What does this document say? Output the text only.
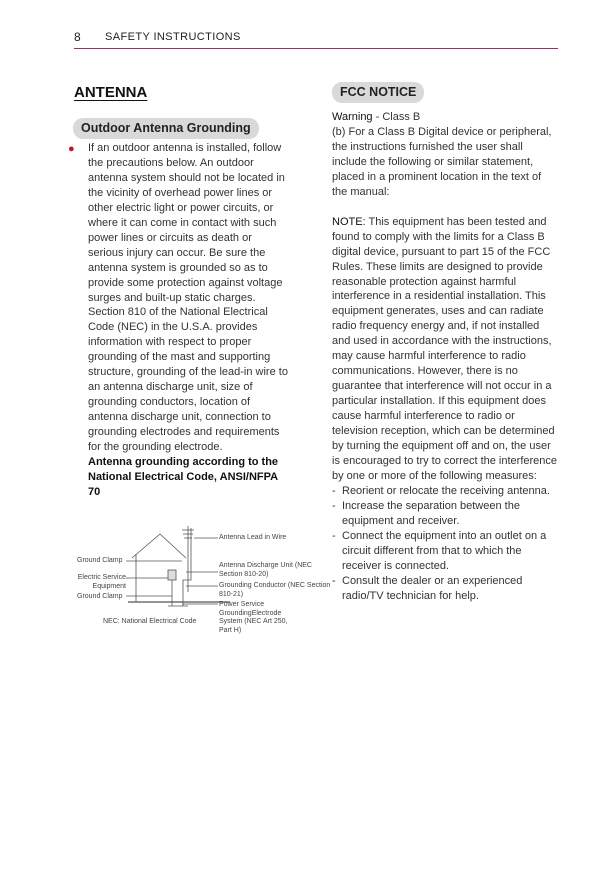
8 SAFETY INSTRUCTIONS
ANTENNA
Outdoor Antenna Grounding
● If an outdoor antenna is installed, follow the precautions below. An outdoor antenna system should not be located in the vicinity of overhead power lines or other electric light or power circuits, or where it can come in contact with such power lines or circuits as death or serious injury can occur. Be sure the antenna system is grounded so as to provide some protection against voltage surges and built-up static charges. Section 810 of the National Electrical Code (NEC) in the U.S.A. provides information with respect to proper grounding of the mast and supporting structure, grounding of the lead-in wire to an antenna discharge unit, size of grounding conductors, location of antenna discharge unit, connection to grounding electrodes and requirements for the grounding electrode.
Antenna grounding according to the National Electrical Code, ANSI/NFPA 70
Ground Clamp
Electric Service Equipment
Ground Clamp
NEC: National Electrical Code
Antenna Lead in Wire
Antenna Discharge Unit (NEC Section 810-20)
Grounding Conductor (NEC Section 810-21)
Power Service GroundingElectrode System (NEC Art 250, Part H)
FCC NOTICE

Warning - Class B

(b) For a Class B Digital device or peripheral, the instructions furnished the user shall include the following or similar statement, placed in a prominent location in the text of the manual:

NOTE: This equipment has been tested and found to comply with the limits for a Class B digital device, pursuant to part 15 of the FCC Rules. These limits are designed to provide reasonable protection against harmful interference in a residential installation. This equipment generates, uses and can radiate radio frequency energy and, if not installed and used in accordance with the instructions, may cause harmful interference to radio communications. However, there is no guarantee that interference will not occur in a particular installation. If this equipment does cause harmful interference to radio or television reception, which can be determined by turning the equipment off and on, the user is encouraged to try to correct the interference by one or more of the following measures:

- Reorient or relocate the receiving antenna.
- Increase the separation between the equipment and receiver.
- Connect the equipment into an outlet on a circuit different from that to which the receiver is connected.
- Consult the dealer or an experienced radio/TV technician for help.
